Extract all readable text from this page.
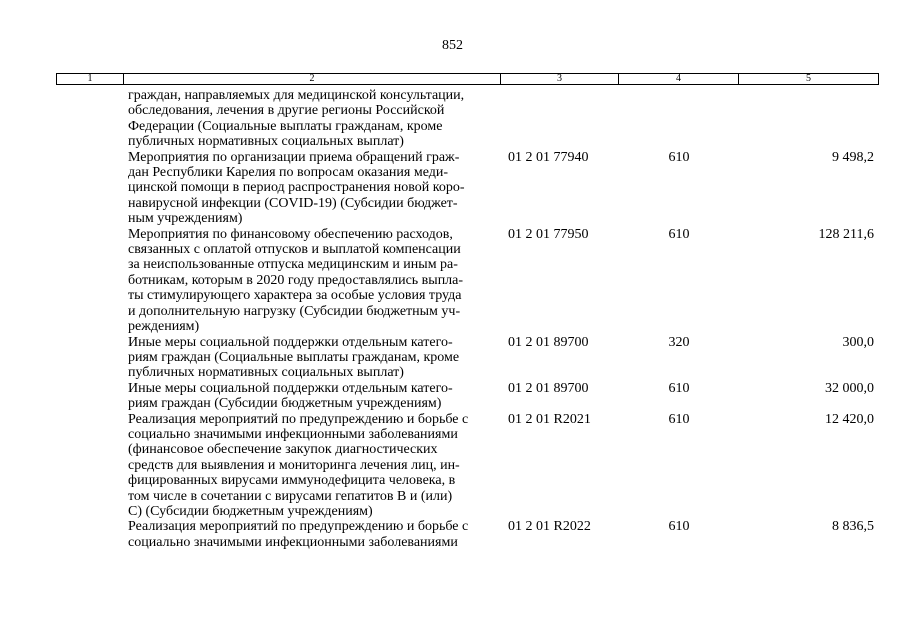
852
1	2	3	4	5
граждан, направляемых для медицинской консультации,
обследования, лечения в другие регионы Российской
Федерации (Социальные выплаты гражданам, кроме
публичных нормативных социальных выплат)
Мероприятия по организации приема обращений граж-
дан Республики Карелия по вопросам оказания меди-
цинской помощи в период распространения новой коро-
навирусной инфекции (COVID-19) (Субсидии бюджет-
ным учреждениям)
01 2 01 77940	610	9 498,2
Мероприятия по финансовому обеспечению расходов,
связанных с оплатой отпусков и выплатой компенсации
за неиспользованные отпуска медицинским и иным ра-
ботникам, которым в 2020 году предоставлялись выпла-
ты стимулирующего характера за особые условия труда
и дополнительную нагрузку (Субсидии бюджетным уч-
реждениям)
01 2 01 77950	610	128 211,6
Иные меры социальной поддержки отдельным катего-
риям граждан (Социальные выплаты гражданам, кроме
публичных нормативных социальных выплат)
01 2 01 89700	320	300,0
Иные меры социальной поддержки отдельным катего-
риям граждан (Субсидии бюджетным учреждениям)
01 2 01 89700	610	32 000,0
Реализация мероприятий по предупреждению и борьбе с
социально значимыми инфекционными заболеваниями
(финансовое обеспечение закупок диагностических
средств для выявления и мониторинга лечения лиц, ин-
фицированных вирусами иммунодефицита человека, в
том числе в сочетании с вирусами гепатитов B и (или)
C) (Субсидии бюджетным учреждениям)
01 2 01 R2021	610	12 420,0
Реализация мероприятий по предупреждению и борьбе с
социально значимыми инфекционными заболеваниями
01 2 01 R2022	610	8 836,5
